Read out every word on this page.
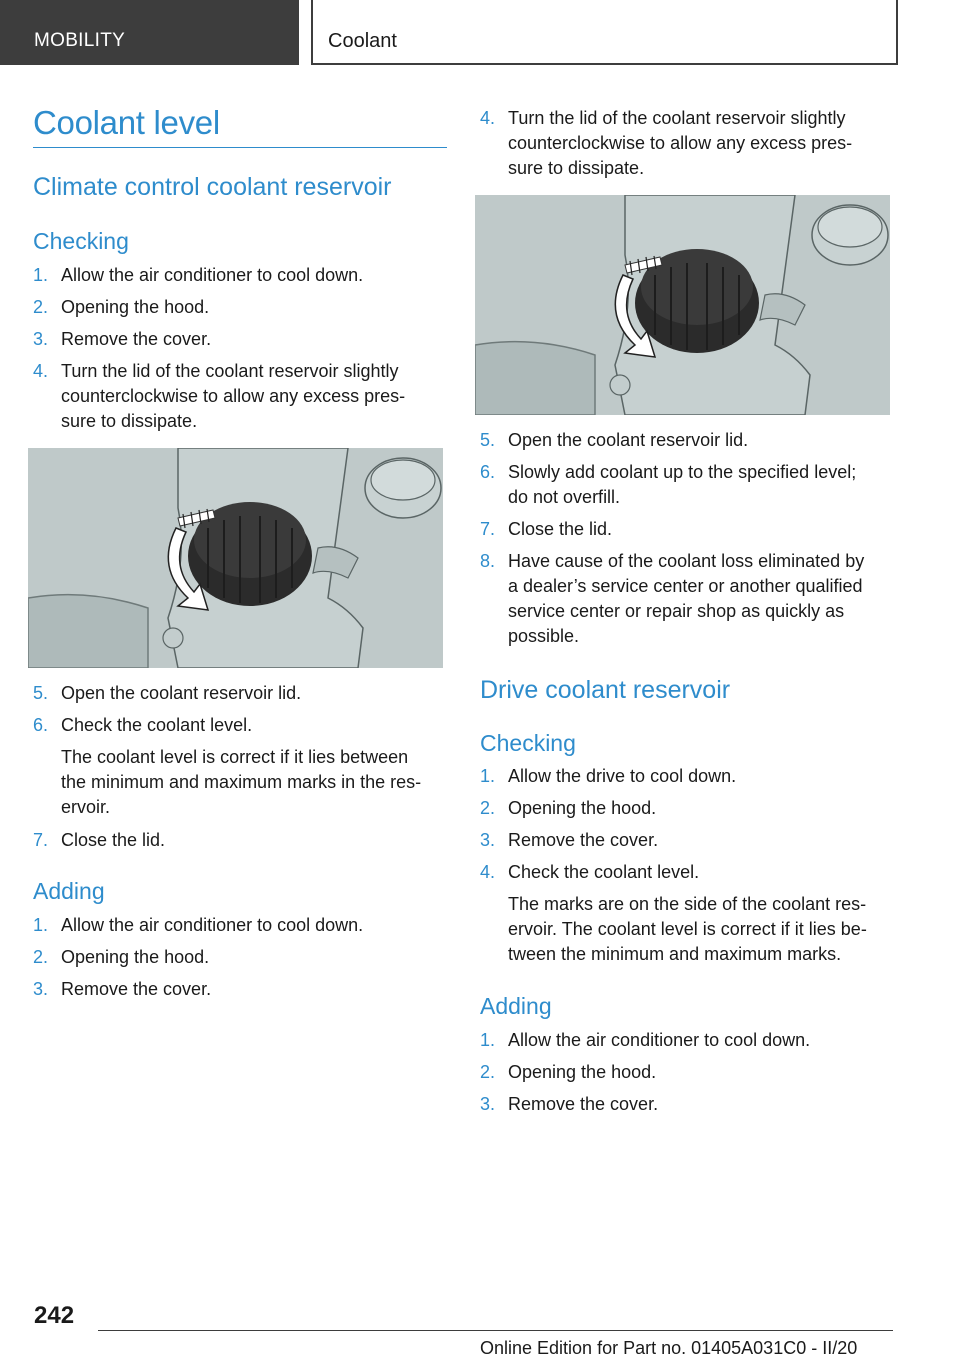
MOBILITY	Coolant
Coolant level
Climate control coolant reservoir
Checking
1. Allow the air conditioner to cool down.
2. Opening the hood.
3. Remove the cover.
4. Turn the lid of the coolant reservoir slightly
counterclockwise to allow any excess pres-
sure to dissipate.
5. Open the coolant reservoir lid.
6. Check the coolant level.
The coolant level is correct if it lies between
the minimum and maximum marks in the res-
ervoir.
7. Close the lid.
Adding
1. Allow the air conditioner to cool down.
2. Opening the hood.
3. Remove the cover.
4. Turn the lid of the coolant reservoir slightly
counterclockwise to allow any excess pres-
sure to dissipate.
5. Open the coolant reservoir lid.
6. Slowly add coolant up to the specified level;
do not overfill.
7. Close the lid.
8. Have cause of the coolant loss eliminated by
a dealer’s service center or another qualified
service center or repair shop as quickly as
possible.
Drive coolant reservoir
Checking
1. Allow the drive to cool down.
2. Opening the hood.
3. Remove the cover.
4. Check the coolant level.
The marks are on the side of the coolant res-
ervoir. The coolant level is correct if it lies be-
tween the minimum and maximum marks.
Adding
1. Allow the air conditioner to cool down.
2. Opening the hood.
3. Remove the cover.
242
Online Edition for Part no. 01405A031C0 - II/20
